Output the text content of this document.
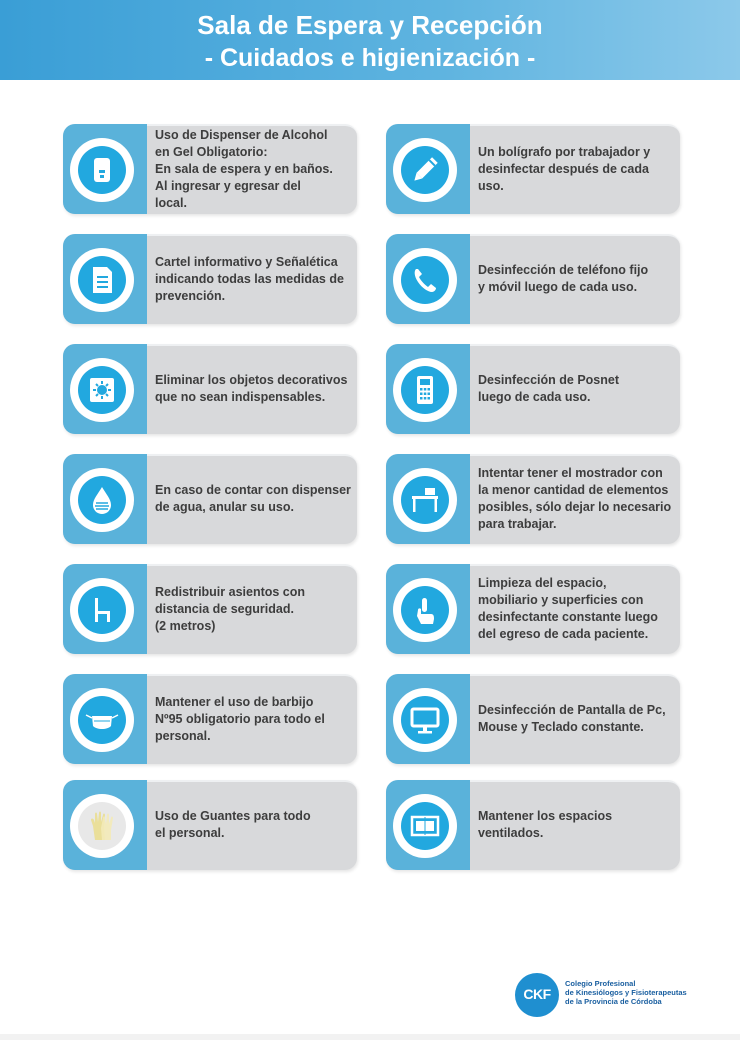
Sala de Espera y Recepción
- Cuidados e higienización -
Uso de Dispenser de Alcohol
en Gel Obligatorio:
En sala de espera y en baños.
Al ingresar y egresar del
local.
Un bolígrafo por trabajador y
desinfectar después de cada
uso.
Cartel informativo y Señalética
indicando todas las medidas de
prevención.
Desinfección de teléfono fijo
y móvil luego de cada uso.
Eliminar los objetos decorativos
que no sean indispensables.
Desinfección de Posnet
luego de cada uso.
En caso de contar con dispenser
de agua, anular su uso.
Intentar tener el mostrador con
la menor cantidad de elementos
posibles, sólo dejar lo necesario
para trabajar.
Redistribuir asientos con
distancia de seguridad.
(2 metros)
Limpieza del espacio,
mobiliario y superficies con
desinfectante constante luego
del egreso de cada paciente.
Mantener el uso de barbijo
Nº95 obligatorio para todo el
personal.
Desinfección de Pantalla de Pc,
Mouse y Teclado constante.
Uso de Guantes para todo
el personal.
Mantener los espacios
ventilados.
CKF
Colegio Profesional
de Kinesiólogos y Fisioterapeutas
de la Provincia de Córdoba
